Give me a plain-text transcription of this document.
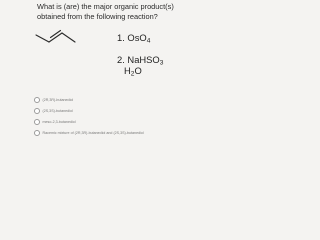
What is (are) the major organic product(s) obtained from the following reaction?
1. OsO$_4$
2. NaHSO$_3$
$H_2O$
(2R,3R)-butanediol
(2S,3S)-butanediol
meso-2,3-butanediol
Racemic mixture of (2R,3R)-butanediol and (2S,3S)-butanediol
